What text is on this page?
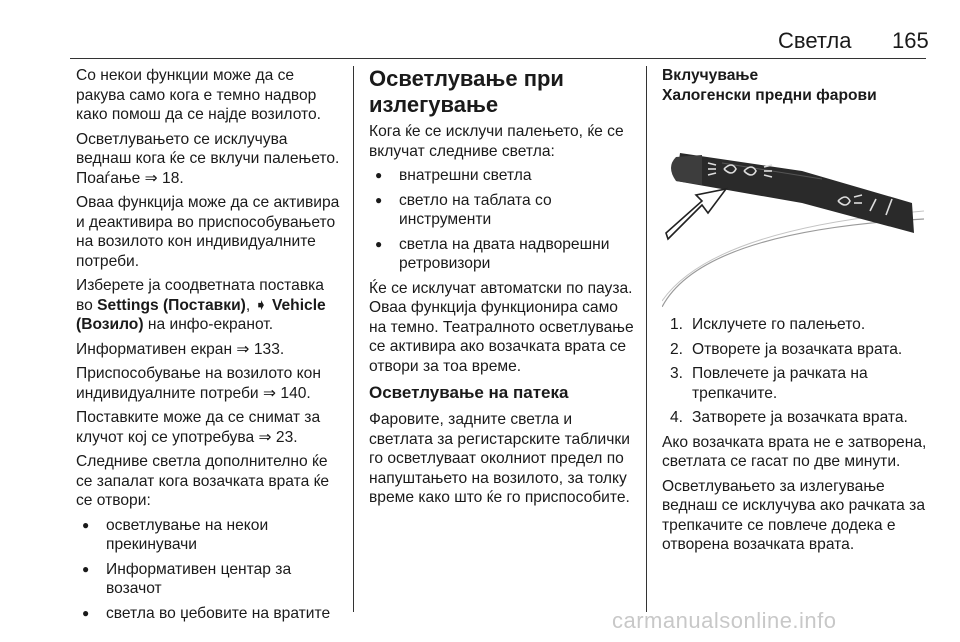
Светла 165

Со некои функции може да се ракува само кога е темно надвор како помош да се најде возилото.

Осветлувањето се исклучува веднаш кога ќе се вклучи палењето. Поаѓање ⇒ 18.

Оваа функција може да се активира и деактивира во приспособувањето на возилото кон индивидуалните потреби.

Изберете ја соодветната поставка во Settings (Поставки), ➧ Vehicle (Возило) на инфо-екранот.

Информативен екран ⇒ 133.

Приспособување на возилото кон индивидуалните потреби ⇒ 140.

Поставките може да се снимат за клучот кој се употребува ⇒ 23.

Следниве светла дополнително ќе се запалат кога возачката врата ќе се отвори:

● осветлување на некои прекинувачи
● Информативен центар за возачот
● светла во џебовите на вратите
Осветлување при излегување

Кога ќе се исклучи палењето, ќе се вклучат следниве светла:

● внатрешни светла
● светло на таблата со инструменти
● светла на двата надворешни ретровизори

Ќе се исклучат автоматски по пауза. Оваа функција функционира само на темно. Театралното осветлување се активира ако возачката врата се отвори за тоа време.

Осветлување на патека

Фаровите, задните светла и светлата за регистарските таблички го осветлуваат околниот предел по напуштањето на возилото, за толку време како што ќе го приспособите.

Вклучување
Халогенски предни фарови
1. Исклучете го палењето.
2. Отворете ја возачката врата.
3. Повлечете ја рачката на трепкачите.
4. Затворете ја возачката врата.

Ако возачката врата не е затворена, светлата се гасат по две минути.

Осветлувањето за излегување веднаш се исклучува ако рачката за трепкачите се повлече додека е отворена возачката врата.

carmanualsonline.info
